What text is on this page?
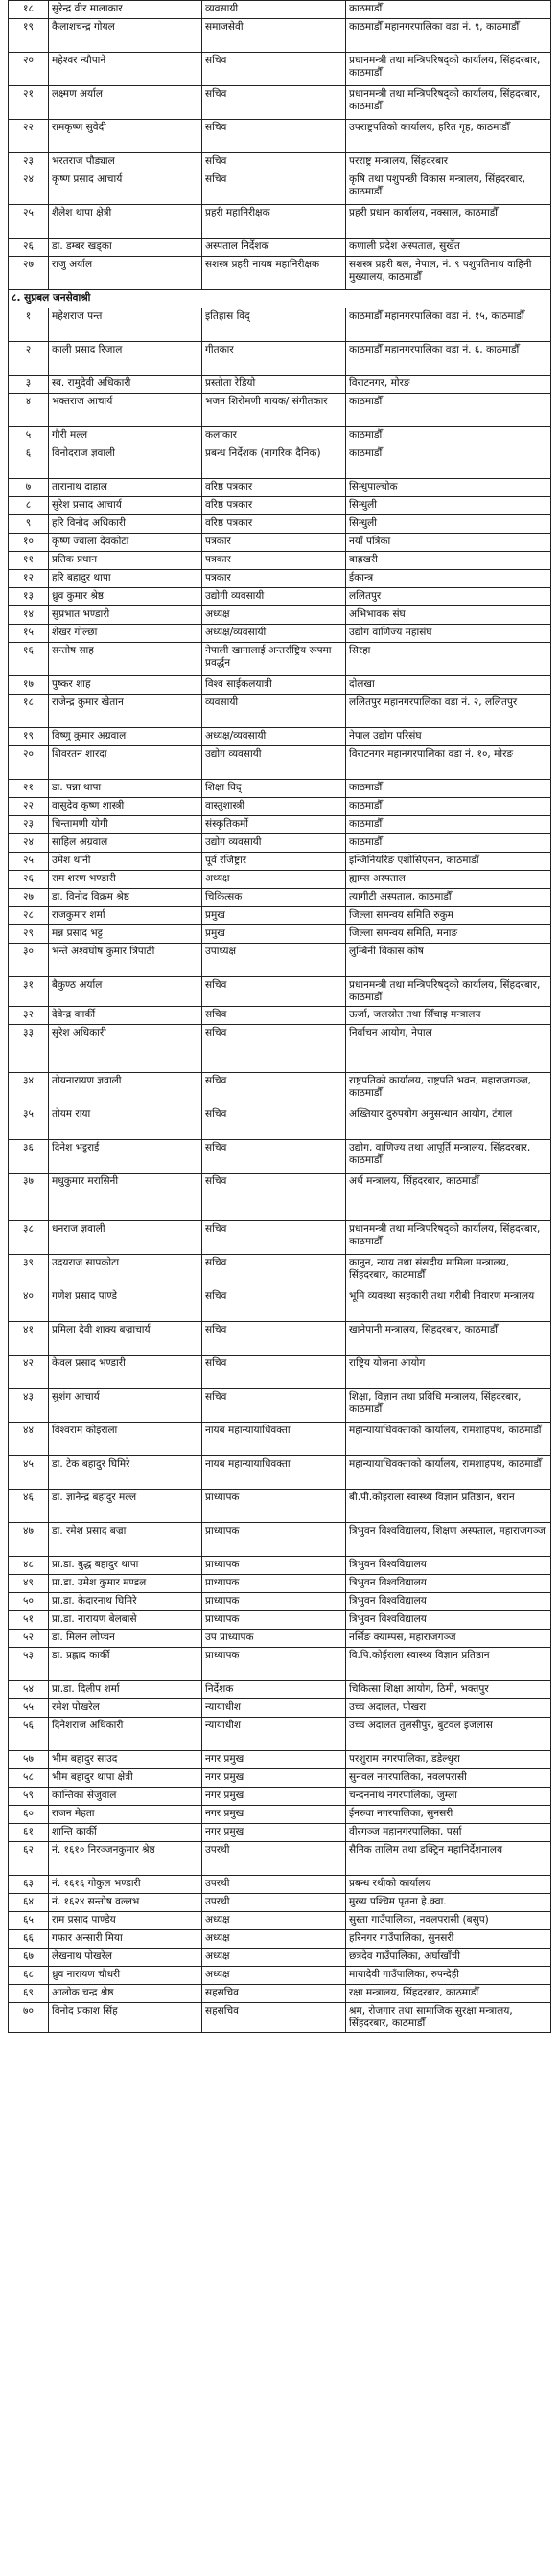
१८	सुरेन्द्र वीर मालाकार	व्यवसायी	काठमाडौँ
१९	कैलाशचन्द्र गोयल	समाजसेवी	काठमाडौँ महानगरपालिका वडा नं. ९, काठमाडौँ
२०	महेश्वर न्यौपाने	सचिव	प्रधानमन्त्री तथा मन्त्रिपरिषद्को कार्यालय, सिंहदरबार, काठमाडौँ
२१	लक्ष्मण अर्याल	सचिव	प्रधानमन्त्री तथा मन्त्रिपरिषद्को कार्यालय, सिंहदरबार, काठमाडौँ
२२	रामकृष्ण सुवेदी	सचिव	उपराष्ट्रपतिको कार्यालय, हरित गृह, काठमाडौँ
२३	भरतराज पौड्याल	सचिव	परराष्ट्र मन्त्रालय, सिंहदरबार
२४	कृष्ण प्रसाद आचार्य	सचिव	कृषि तथा पशुपन्छी विकास मन्त्रालय, सिंहदरबार, काठमाडौँ
२५	शैलेश थापा क्षेत्री	प्रहरी महानिरीक्षक	प्रहरी प्रधान कार्यालय, नक्साल, काठमाडौँ
२६	डा. डम्बर खड्का	अस्पताल निर्देशक	कणाली प्रदेश अस्पताल, सुर्खेत
२७	राजु अर्याल	सशस्त्र प्रहरी नायब महानिरीक्षक	सशस्त्र प्रहरी बल, नेपाल, नं. ९ पशुपतिनाथ वाहिनी मुख्यालय, काठमाडौँ
८. सुप्रबल जनसेवाश्री			
१	महेशराज पन्त	इतिहास विद्	काठमाडौँ महानगरपालिका वडा नं. १५, काठमाडौँ
२	काली प्रसाद रिजाल	गीतकार	काठमाडौँ महानगरपालिका वडा नं. ६, काठमाडौँ
३	स्व. रामुदेवी अधिकारी	प्रस्तोता रेडियो	विराटनगर, मोरङ
४	भक्तराज आचार्य	भजन शिरोमणी गायक/ संगीतकार	काठमाडौँ
५	गौरी मल्ल	कलाकार	काठमाडौँ
६	विनोदराज ज्ञवाली	प्रबन्ध निर्देशक (नागरिक दैनिक)	काठमाडौँ
७	तारानाथ दाहाल	वरिष्ठ पत्रकार	सिन्धुपाल्चोक
८	सुरेश प्रसाद आचार्य	वरिष्ठ पत्रकार	सिन्धुली
९	हरि विनोद अधिकारी	वरिष्ठ पत्रकार	सिन्धुली
१०	कृष्ण ज्वाला देवकोटा	पत्रकार	नयाँ पत्रिका
११	प्रतिक प्रधान	पत्रकार	बाह्रखरी
१२	हरि बहादुर थापा	पत्रकार	ईकान्त्र
१३	ध्रुव कुमार श्रेष्ठ	उद्योगी व्यवसायी	ललितपुर
१४	सुप्रभात भण्डारी	अध्यक्ष	अभिभावक संघ
१५	शेखर गोल्छा	अध्यक्ष/व्यवसायी	उद्योग वाणिज्य महासंघ
१६	सन्तोष साह	नेपाली खानालाई अन्तर्राष्ट्रिय रूपमा प्रवर्द्धन	सिरहा
१७	पुष्कर शाह	विश्व साईकलयात्री	दोलखा
१८	राजेन्द्र कुमार खेतान	व्यवसायी	ललितपुर महानगरपालिका वडा नं. २, ललितपुर
१९	विष्णु कुमार अग्रवाल	अध्यक्ष/व्यवसायी	नेपाल उद्योग परिसंघ
२०	शिवरतन शारदा	उद्योग व्यवसायी	विराटनगर महानगरपालिका वडा नं. १०, मोरङ
२१	डा. पन्ना थापा	शिक्षा विद्	काठमाडौँ
२२	वासुदेव कृष्ण शास्त्री	वास्तुशास्त्री	काठमाडौँ
२३	चिन्तामणी योगी	संस्कृतिकर्मी	काठमाडौँ
२४	साहिल अग्रवाल	उद्योग व्यवसायी	काठमाडौँ
२५	उमेश थानी	पूर्व रजिष्ट्रार	इन्जिनियरिङ एशोसिएसन, काठमाडौँ
२६	राम शरण भण्डारी	अध्यक्ष	ह्याम्स अस्पताल
२७	डा. विनोद विक्रम श्रेष्ठ	चिकित्सक	त्यागीटी अस्पताल, काठमाडौँ
२८	राजकुमार शर्मा	प्रमुख	जिल्ला समन्वय समिति रुकुम
२९	मन्न प्रसाद भट्ट	प्रमुख	जिल्ला समन्वय समिति, मनाङ
३०	भन्ते अश्वघोष कुमार त्रिपाठी	उपाध्यक्ष	लुम्बिनी विकास कोष
३१	बैकुण्ठ अर्याल	सचिव	प्रधानमन्त्री तथा मन्त्रिपरिषद्को कार्यालय, सिंहदरबार, काठमाडौँ
३२	देवेन्द्र कार्की	सचिव	ऊर्जा, जलस्रोत तथा सिँचाइ मन्त्रालय
३३	सुरेश अधिकारी	सचिव	निर्वाचन आयोग, नेपाल
३४	तोयनारायण ज्ञवाली	सचिव	राष्ट्रपतिको कार्यालय, राष्ट्रपति भवन, महाराजगञ्ज, काठमाडौँ
३५	तोयम राया	सचिव	अख्तियार दुरुपयोग अनुसन्धान आयोग, टंगाल
३६	दिनेश भट्टराई	सचिव	उद्योग, वाणिज्य तथा आपूर्ति मन्त्रालय, सिंहदरबार, काठमाडौँ
३७	मधुकुमार मरासिनी	सचिव	अर्थ मन्त्रालय, सिंहदरबार, काठमाडौँ
३८	धनराज ज्ञवाली	सचिव	प्रधानमन्त्री तथा मन्त्रिपरिषद्को कार्यालय, सिंहदरबार, काठमाडौँ
३९	उदयराज सापकोटा	सचिव	कानुन, न्याय तथा संसदीय मामिला मन्त्रालय, सिंहदरबार, काठमाडौँ
४०	गणेश प्रसाद पाण्डे	सचिव	भूमि व्यवस्था सहकारी तथा गरीबी निवारण मन्त्रालय
४१	प्रमिला देवी शाक्य बज्राचार्य	सचिव	खानेपानी मन्त्रालय, सिंहदरबार, काठमाडौँ
४२	केवल प्रसाद भण्डारी	सचिव	राष्ट्रिय योजना आयोग
४३	सुशंग आचार्य	सचिव	शिक्षा, विज्ञान तथा प्रविधि मन्त्रालय, सिंहदरबार, काठमाडौँ
४४	विश्वराम कोइराला	नायब महान्यायाधिवक्ता	महान्यायाधिवक्ताको कार्यालय, रामशाहपथ, काठमाडौँ
४५	डा. टेक बहादुर घिमिरे	नायब महान्यायाधिवक्ता	महान्यायाधिवक्ताको कार्यालय, रामशाहपथ, काठमाडौँ
४६	डा. ज्ञानेन्द्र बहादुर मल्ल	प्राध्यापक	बी.पी.कोइराला स्वास्थ्य विज्ञान प्रतिष्ठान, धरान
४७	डा. रमेश प्रसाद बज्रा	प्राध्यापक	त्रिभुवन विश्वविद्यालय, शिक्षण अस्पताल, महाराजगञ्ज
४८	प्रा.डा. बुद्ध बहादुर थापा	प्राध्यापक	त्रिभुवन विश्वविद्यालय
४९	प्रा.डा. उमेश कुमार मण्डल	प्राध्यापक	त्रिभुवन विश्वविद्यालय
५०	प्रा.डा. केदारनाथ घिमिरे	प्राध्यापक	त्रिभुवन विश्वविद्यालय
५१	प्रा.डा. नारायण बेलबासे	प्राध्यापक	त्रिभुवन विश्वविद्यालय
५२	डा. मिलन लोप्चन	उप प्राध्यापक	नर्सिङ क्याम्पस, महाराजगञ्ज
५३	डा. प्रह्लाद कार्की	प्राध्यापक	वि.पि.कोईराला स्वास्थ्य विज्ञान प्रतिष्ठान
५४	प्रा.डा. दिलीप शर्मा	निर्देशक	चिकित्सा शिक्षा आयोग, ठिमी, भक्तपुर
५५	रमेश पोखरेल	न्यायाधीश	उच्च अदालत, पोखरा
५६	दिनेशराज अधिकारी	न्यायाधीश	उच्च अदालत तुलसीपुर, बुटवल इजलास
५७	भीम बहादुर साउद	नगर प्रमुख	परशुराम नगरपालिका, डडेल्धुरा
५८	भीम बहादुर थापा क्षेत्री	नगर प्रमुख	सुनवल नगरपालिका, नवलपरासी
५९	कान्तिका सेजुवाल	नगर प्रमुख	चन्दननाथ नगरपालिका, जुम्ला
६०	राजन मेहता	नगर प्रमुख	ईनरुवा नगरपालिका, सुनसरी
६१	शान्ति कार्की	नगर प्रमुख	वीरगञ्ज महानगरपालिका, पर्सा
६२	नं. १६१० निरञ्जनकुमार श्रेष्ठ	उपरथी	सैनिक तालिम तथा डक्ट्रिन महानिर्देशनालय
६३	नं. १६१६ गोकुल भण्डारी	उपरथी	प्रबन्ध रथीको कार्यालय
६४	नं. १६२४ सन्तोष वल्लभ	उपरथी	मुख्य पश्चिम पृतना हे.क्वा.
६५	राम प्रसाद पाण्डेय	अध्यक्ष	सुस्ता गाउँपालिका, नवलपरासी (बसुप)
६६	गफार अन्सारी मिया	अध्यक्ष	हरिनगर गाउँपालिका, सुनसरी
६७	लेखनाथ पोखरेल	अध्यक्ष	छत्रदेव गाउँपालिका, अर्घाखाँची
६८	ध्रुव नारायण चौधरी	अध्यक्ष	मायादेवी गाउँपालिका, रुपन्देही
६९	आलोक चन्द्र श्रेष्ठ	सहसचिव	रक्षा मन्त्रालय, सिंहदरबार, काठमाडौँ
७०	विनोद प्रकाश सिंह	सहसचिव	श्रम, रोजगार तथा सामाजिक सुरक्षा मन्त्रालय, सिंहदरबार, काठमाडौँ
